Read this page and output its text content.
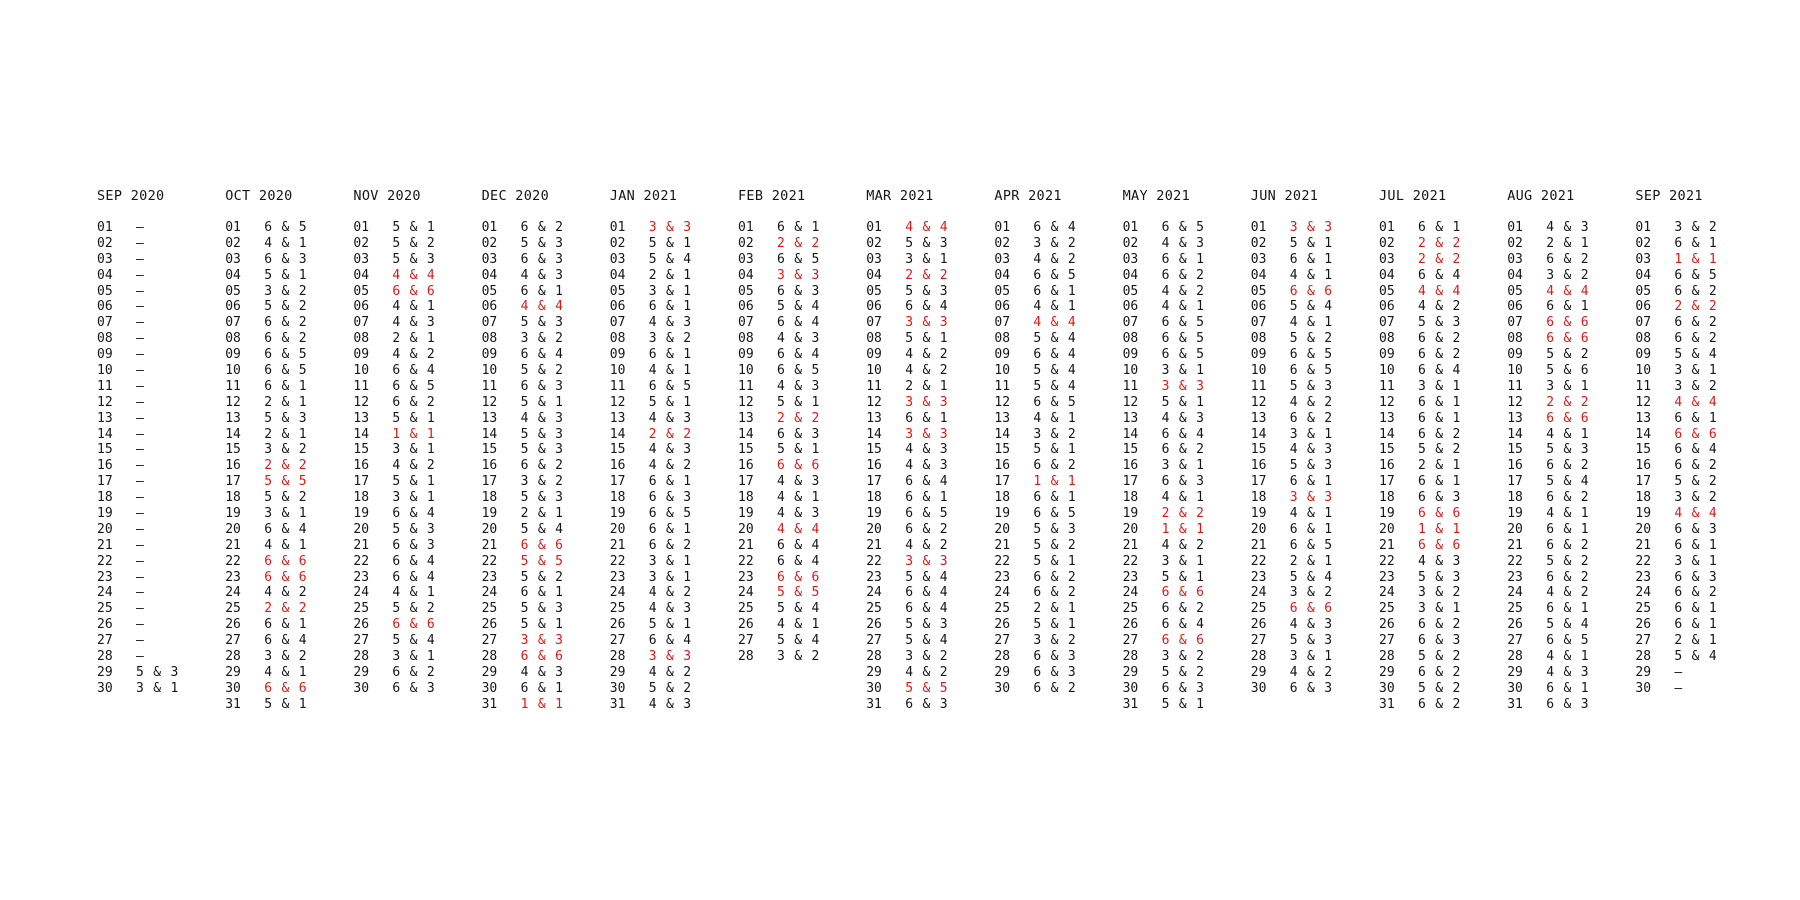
SEP 2020
01	–
02	–
03	–
04	–
05	–
06	–
07	–
08	–
09	–
10	–
11	–
12	–
13	–
14	–
15	–
16	–
17	–
18	–
19	–
20	–
21	–
22	–
23	–
24	–
25	–
26	–
27	–
28	–
29	5 & 3
30	3 & 1
OCT 2020
01	6 & 5
02	4 & 1
03	6 & 3
04	5 & 1
05	3 & 2
06	5 & 2
07	6 & 2
08	6 & 2
09	6 & 5
10	6 & 5
11	6 & 1
12	2 & 1
13	5 & 3
14	2 & 1
15	3 & 2
16	2 & 2
17	5 & 5
18	5 & 2
19	3 & 1
20	6 & 4
21	4 & 1
22	6 & 6
23	6 & 6
24	4 & 2
25	2 & 2
26	6 & 1
27	6 & 4
28	3 & 2
29	4 & 1
30	6 & 6
31	5 & 1
NOV 2020
01	5 & 1
02	5 & 2
03	5 & 3
04	4 & 4
05	6 & 6
06	4 & 1
07	4 & 3
08	2 & 1
09	4 & 2
10	6 & 4
11	6 & 5
12	6 & 2
13	5 & 1
14	1 & 1
15	3 & 1
16	4 & 2
17	5 & 1
18	3 & 1
19	6 & 4
20	5 & 3
21	6 & 3
22	6 & 4
23	6 & 4
24	4 & 1
25	5 & 2
26	6 & 6
27	5 & 4
28	3 & 1
29	6 & 2
30	6 & 3
DEC 2020
01	6 & 2
02	5 & 3
03	6 & 3
04	4 & 3
05	6 & 1
06	4 & 4
07	5 & 3
08	3 & 2
09	6 & 4
10	5 & 2
11	6 & 3
12	5 & 1
13	4 & 3
14	5 & 3
15	5 & 3
16	6 & 2
17	3 & 2
18	5 & 3
19	2 & 1
20	5 & 4
21	6 & 6
22	5 & 5
23	5 & 2
24	6 & 1
25	5 & 3
26	5 & 1
27	3 & 3
28	6 & 6
29	4 & 3
30	6 & 1
31	1 & 1
JAN 2021
01	3 & 3
02	5 & 1
03	5 & 4
04	2 & 1
05	3 & 1
06	6 & 1
07	4 & 3
08	3 & 2
09	6 & 1
10	4 & 1
11	6 & 5
12	5 & 1
13	4 & 3
14	2 & 2
15	4 & 3
16	4 & 2
17	6 & 1
18	6 & 3
19	6 & 5
20	6 & 1
21	6 & 2
22	3 & 1
23	3 & 1
24	4 & 2
25	4 & 3
26	5 & 1
27	6 & 4
28	3 & 3
29	4 & 2
30	5 & 2
31	4 & 3
FEB 2021
01	6 & 1
02	2 & 2
03	6 & 5
04	3 & 3
05	6 & 3
06	5 & 4
07	6 & 4
08	4 & 3
09	6 & 4
10	6 & 5
11	4 & 3
12	5 & 1
13	2 & 2
14	6 & 3
15	5 & 1
16	6 & 6
17	4 & 3
18	4 & 1
19	4 & 3
20	4 & 4
21	6 & 4
22	6 & 4
23	6 & 6
24	5 & 5
25	5 & 4
26	4 & 1
27	5 & 4
28	3 & 2
MAR 2021
01	4 & 4
02	5 & 3
03	3 & 1
04	2 & 2
05	5 & 3
06	6 & 4
07	3 & 3
08	5 & 1
09	4 & 2
10	4 & 2
11	2 & 1
12	3 & 3
13	6 & 1
14	3 & 3
15	4 & 3
16	4 & 3
17	6 & 4
18	6 & 1
19	6 & 5
20	6 & 2
21	4 & 2
22	3 & 3
23	5 & 4
24	6 & 4
25	6 & 4
26	5 & 3
27	5 & 4
28	3 & 2
29	4 & 2
30	5 & 5
31	6 & 3
APR 2021
01	6 & 4
02	3 & 2
03	4 & 2
04	6 & 5
05	6 & 1
06	4 & 1
07	4 & 4
08	5 & 4
09	6 & 4
10	5 & 4
11	5 & 4
12	6 & 5
13	4 & 1
14	3 & 2
15	5 & 1
16	6 & 2
17	1 & 1
18	6 & 1
19	6 & 5
20	5 & 3
21	5 & 2
22	5 & 1
23	6 & 2
24	6 & 2
25	2 & 1
26	5 & 1
27	3 & 2
28	6 & 3
29	6 & 3
30	6 & 2
MAY 2021
01	6 & 5
02	4 & 3
03	6 & 1
04	6 & 2
05	4 & 2
06	4 & 1
07	6 & 5
08	6 & 5
09	6 & 5
10	3 & 1
11	3 & 3
12	5 & 1
13	4 & 3
14	6 & 4
15	6 & 2
16	3 & 1
17	6 & 3
18	4 & 1
19	2 & 2
20	1 & 1
21	4 & 2
22	3 & 1
23	5 & 1
24	6 & 6
25	6 & 2
26	6 & 4
27	6 & 6
28	3 & 2
29	5 & 2
30	6 & 3
31	5 & 1
JUN 2021
01	3 & 3
02	5 & 1
03	6 & 1
04	4 & 1
05	6 & 6
06	5 & 4
07	4 & 1
08	5 & 2
09	6 & 5
10	6 & 5
11	5 & 3
12	4 & 2
13	6 & 2
14	3 & 1
15	4 & 3
16	5 & 3
17	6 & 1
18	3 & 3
19	4 & 1
20	6 & 1
21	6 & 5
22	2 & 1
23	5 & 4
24	3 & 2
25	6 & 6
26	4 & 3
27	5 & 3
28	3 & 1
29	4 & 2
30	6 & 3
JUL 2021
01	6 & 1
02	2 & 2
03	2 & 2
04	6 & 4
05	4 & 4
06	4 & 2
07	5 & 3
08	6 & 2
09	6 & 2
10	6 & 4
11	3 & 1
12	6 & 1
13	6 & 1
14	6 & 2
15	5 & 2
16	2 & 1
17	6 & 1
18	6 & 3
19	6 & 6
20	1 & 1
21	6 & 6
22	4 & 3
23	5 & 3
24	3 & 2
25	3 & 1
26	6 & 2
27	6 & 3
28	5 & 2
29	6 & 2
30	5 & 2
31	6 & 2
AUG 2021
01	4 & 3
02	2 & 1
03	6 & 2
04	3 & 2
05	4 & 4
06	6 & 1
07	6 & 6
08	6 & 6
09	5 & 2
10	5 & 6
11	3 & 1
12	2 & 2
13	6 & 6
14	4 & 1
15	5 & 3
16	6 & 2
17	5 & 4
18	6 & 2
19	4 & 1
20	6 & 1
21	6 & 2
22	5 & 2
23	6 & 2
24	4 & 2
25	6 & 1
26	5 & 4
27	6 & 5
28	4 & 1
29	4 & 3
30	6 & 1
31	6 & 3
SEP 2021
01	3 & 2
02	6 & 1
03	1 & 1
04	6 & 5
05	6 & 2
06	2 & 2
07	6 & 2
08	6 & 2
09	5 & 4
10	3 & 1
11	3 & 2
12	4 & 4
13	6 & 1
14	6 & 6
15	6 & 4
16	6 & 2
17	5 & 2
18	3 & 2
19	4 & 4
20	6 & 3
21	6 & 1
22	3 & 1
23	6 & 3
24	6 & 2
25	6 & 1
26	6 & 1
27	2 & 1
28	5 & 4
29	–
30	–
